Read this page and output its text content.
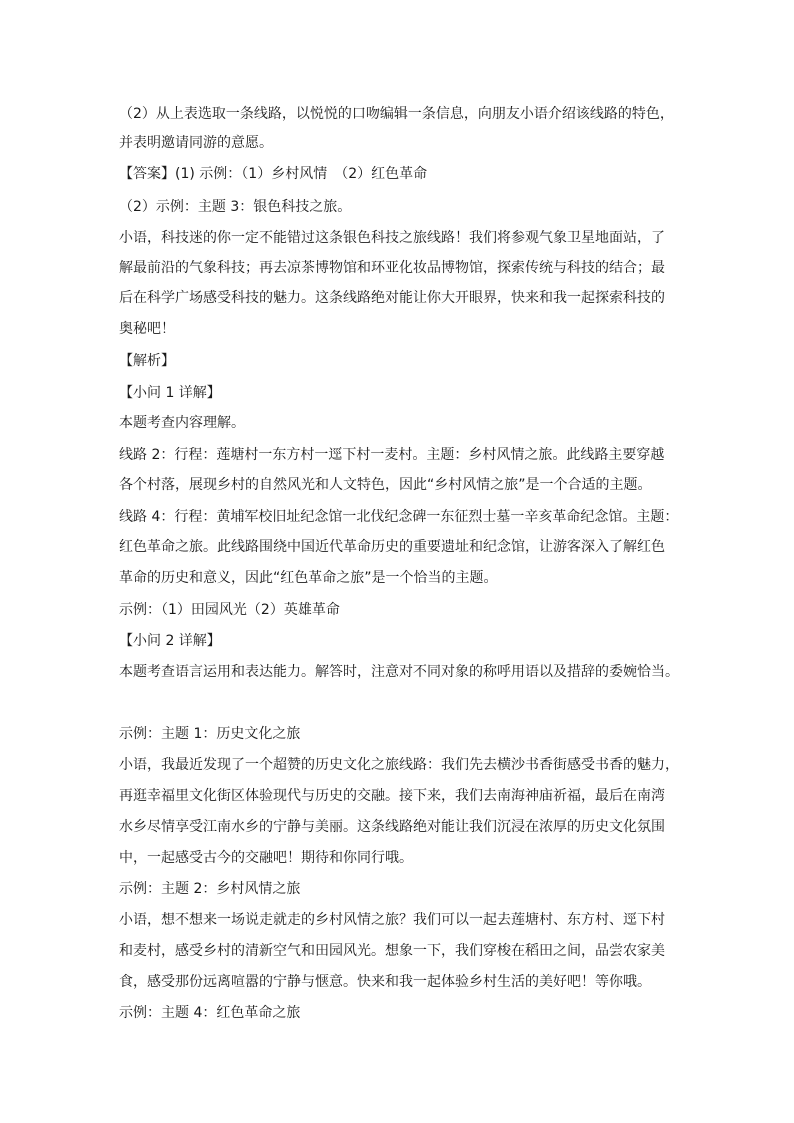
（2）从上表选取一条线路，以悦悦的口吻编辑一条信息，向朋友小语介绍该线路的特色，
并表明邀请同游的意愿。
【答案】(1) 示例：（1）乡村风情　（2）红色革命
（2）示例：主题 3：银色科技之旅。
小语，科技迷的你一定不能错过这条银色科技之旅线路！我们将参观气象卫星地面站，了
解最前沿的气象科技；再去凉茶博物馆和环亚化妆品博物馆，探索传统与科技的结合；最
后在科学广场感受科技的魅力。这条线路绝对能让你大开眼界，快来和我一起探索科技的
奥秘吧！
【解析】
【小问 1 详解】
本题考查内容理解。
线路 2：行程：莲塘村一东方村一逕下村一麦村。主题：乡村风情之旅。此线路主要穿越
各个村落，展现乡村的自然风光和人文特色，因此“乡村风情之旅”是一个合适的主题。
线路 4：行程：黄埔军校旧址纪念馆一北伐纪念碑一东征烈士墓一辛亥革命纪念馆。主题：
红色革命之旅。此线路围绕中国近代革命历史的重要遗址和纪念馆，让游客深入了解红色
革命的历史和意义，因此“红色革命之旅”是一个恰当的主题。
示例：（1）田园风光（2）英雄革命
【小问 2 详解】
本题考查语言运用和表达能力。解答时，注意对不同对象的称呼用语以及措辞的委婉恰当。
示例：主题 1：历史文化之旅
小语，我最近发现了一个超赞的历史文化之旅线路：我们先去横沙书香街感受书香的魅力，
再逛幸福里文化街区体验现代与历史的交融。接下来，我们去南海神庙祈福，最后在南湾
水乡尽情享受江南水乡的宁静与美丽。这条线路绝对能让我们沉浸在浓厚的历史文化氛围
中，一起感受古今的交融吧！期待和你同行哦。
示例：主题 2：乡村风情之旅
小语，想不想来一场说走就走的乡村风情之旅？我们可以一起去莲塘村、东方村、逕下村
和麦村，感受乡村的清新空气和田园风光。想象一下，我们穿梭在稻田之间，品尝农家美
食，感受那份远离喧嚣的宁静与惬意。快来和我一起体验乡村生活的美好吧！等你哦。
示例：主题 4：红色革命之旅
